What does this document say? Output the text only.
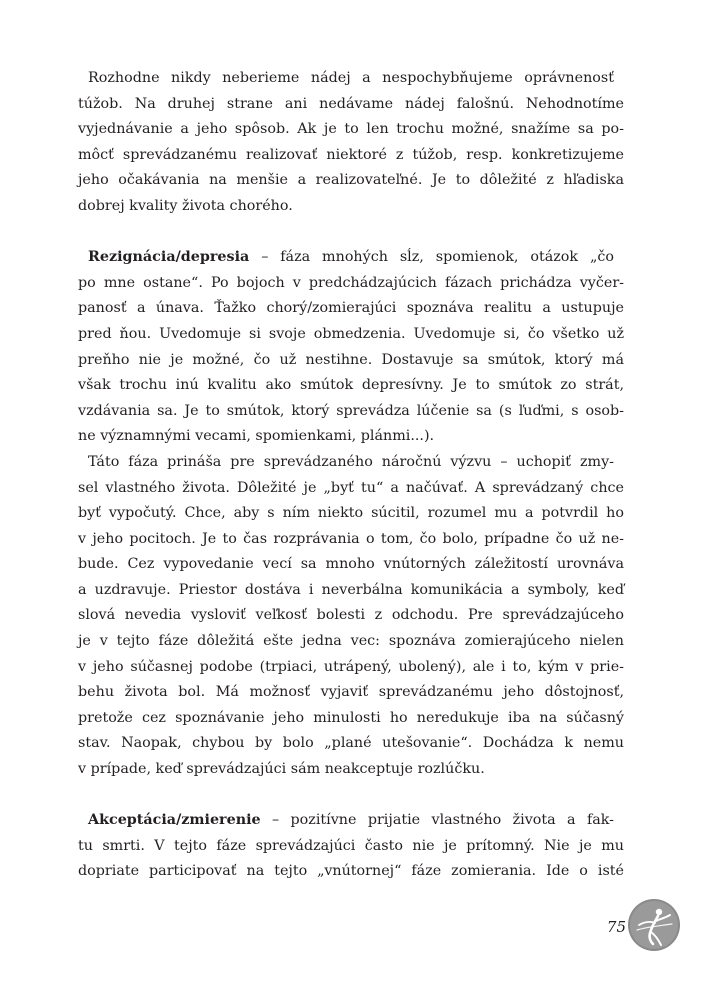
Rozhodne nikdy neberieme nádej a nespochybňujeme oprávnenosť
túžob. Na druhej strane ani nedávame nádej falošnú. Nehodnotíme
vyjednávanie a jeho spôsob. Ak je to len trochu možné, snažíme sa po-
môcť sprevádzanému realizovať niektoré z túžob, resp. konkretizujeme
jeho očakávania na menšie a realizovateľné. Je to dôležité z hľadiska
dobrej kvality života chorého.
Rezignácia/depresia – fáza mnohých sĺz, spomienok, otázok „čo
po mne ostane“. Po bojoch v predchádzajúcich fázach prichádza vyčer-
panosť a únava. Ťažko chorý/zomierajúci spoznáva realitu a ustupuje
pred ňou. Uvedomuje si svoje obmedzenia. Uvedomuje si, čo všetko už
preňho nie je možné, čo už nestihne. Dostavuje sa smútok, ktorý má
však trochu inú kvalitu ako smútok depresívny. Je to smútok zo strát,
vzdávania sa. Je to smútok, ktorý sprevádza lúčenie sa (s ľuďmi, s osob-
ne významnými vecami, spomienkami, plánmi...).
Táto fáza prináša pre sprevádzaného náročnú výzvu – uchopiť zmy-
sel vlastného života. Dôležité je „byť tu“ a načúvať. A sprevádzaný chce
byť vypočutý. Chce, aby s ním niekto súcitil, rozumel mu a potvrdil ho
v jeho pocitoch. Je to čas rozprávania o tom, čo bolo, prípadne čo už ne-
bude. Cez vypovedanie vecí sa mnoho vnútorných záležitostí urovnáva
a uzdravuje. Priestor dostáva i neverbálna komunikácia a symboly, keď
slová nevedia vysloviť veľkosť bolesti z odchodu. Pre sprevádzajúceho
je v tejto fáze dôležitá ešte jedna vec: spoznáva zomierajúceho nielen
v jeho súčasnej podobe (trpiaci, utrápený, ubolený), ale i to, kým v prie-
behu života bol. Má možnosť vyjaviť sprevádzanému jeho dôstojnosť,
pretože cez spoznávanie jeho minulosti ho neredukuje iba na súčasný
stav. Naopak, chybou by bolo „plané utešovanie“. Dochádza k nemu
v prípade, keď sprevádzajúci sám neakceptuje rozlúčku.
Akceptácia/zmierenie – pozitívne prijatie vlastného života a fak-
tu smrti. V tejto fáze sprevádzajúci často nie je prítomný. Nie je mu
dopriate participovať na tejto „vnútornej“ fáze zomierania. Ide o isté
75
